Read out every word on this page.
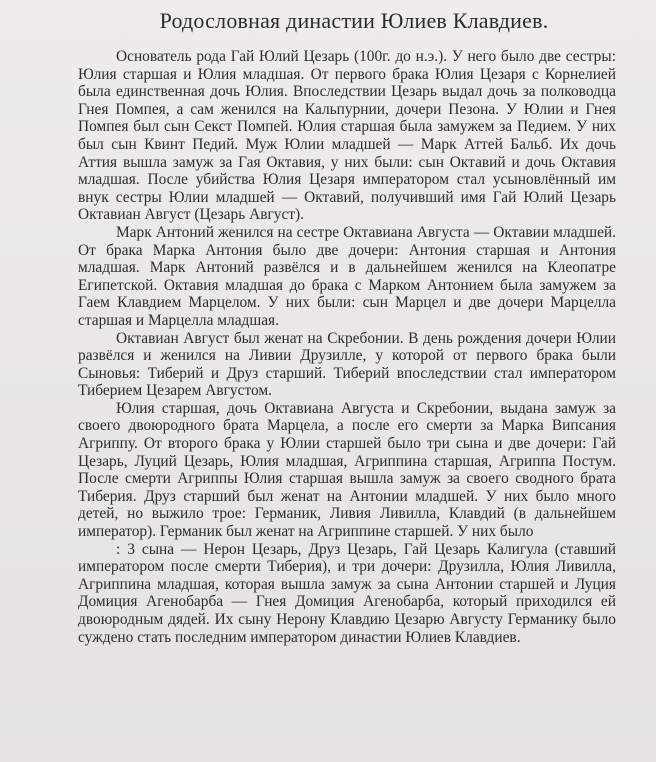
Родословная династии Юлиев Клавдиев.

Основатель рода Гай Юлий Цезарь (100г. до н.э.). У него было две сестры: Юлия старшая и Юлия младшая. От первого брака Юлия Цезаря с Корнелией была единственная дочь Юлия. Впоследствии Цезарь выдал дочь за полководца Гнея Помпея, а сам женился на Кальпурнии, дочери Пезона. У Юлии и Гнея Помпея был сын Секст Помпей. Юлия старшая была замужем за Педием. У них был сын Квинт Педий. Муж Юлии младшей — Марк Аттей Бальб. Их дочь Аттия вышла замуж за Гая Октавия, у них были: сын Октавий и дочь Октавия младшая. После убийства Юлия Цезаря императором стал усыновлённый им внук сестры Юлии младшей — Октавий, получивший имя Гай Юлий Цезарь Октавиан Август (Цезарь Август).

Марк Антоний женился на сестре Октавиана Августа — Октавии младшей. От брака Марка Антония было две дочери: Антония старшая и Антония младшая. Марк Антоний развёлся и в дальнейшем женился на Клеопатре Египетской. Октавия младшая до брака с Марком Антонием была замужем за Гаем Клавдием Марцелом. У них были: сын Марцел и две дочери Марцелла старшая и Марцелла младшая.

Октавиан Август был женат на Скребонии. В день рождения дочери Юлии развёлся и женился на Ливии Друзилле, у которой от первого брака были Сыновья: Тиберий и Друз старший. Тиберий впоследствии стал императором Тиберием Цезарем Августом.

Юлия старшая, дочь Октавиана Августа и Скребонии, выдана замуж за своего двоюродного брата Марцела, а после его смерти за Марка Випсания Агриппу. От второго брака у Юлии старшей было три сына и две дочери: Гай Цезарь, Луций Цезарь, Юлия младшая, Агриппина старшая, Агриппа Постум. После смерти Агриппы Юлия старшая вышла замуж за своего сводного брата Тиберия. Друз старший был женат на Антонии младшей. У них было много детей, но выжило трое: Германик, Ливия Ливилла, Клавдий (в дальнейшем император). Германик был женат на Агриппине старшей. У них было

: 3 сына — Нерон Цезарь, Друз Цезарь, Гай Цезарь Калигула (ставший императором после смерти Тиберия), и три дочери: Друзилла, Юлия Ливилла, Агриппина младшая, которая вышла замуж за сына Антонии старшей и Луция Домиция Агенобарба — Гнея Домиция Агенобарба, который приходился ей двоюродным дядей. Их сыну Нерону Клавдию Цезарю Августу Германику было суждено стать последним императором династии Юлиев Клавдиев.
